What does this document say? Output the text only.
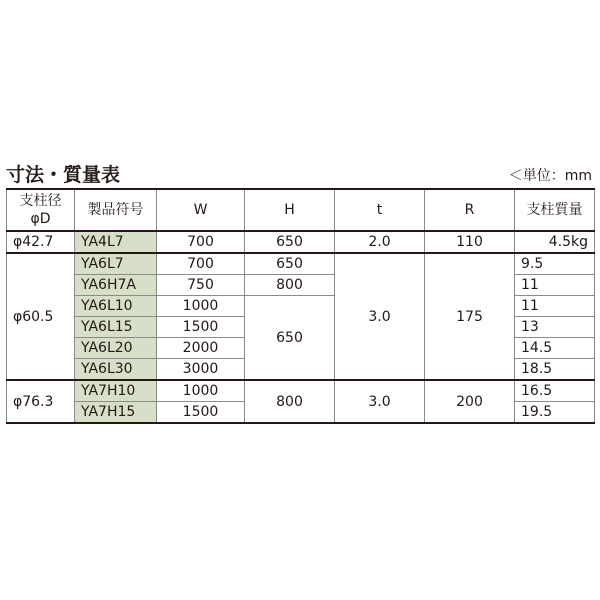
寸法・質量表	＜単位：mm
支柱径
φD	製品符号	W	H	t	R	支柱質量
φ42.7	YA4L7	700	650	2.0	110	4.5kg
φ60.5	YA6L7	700	650	3.0	175	9.5
	YA6H7A	750	800			11
	YA6L10	1000	650			11
	YA6L15	1500				13
	YA6L20	2000				14.5
	YA6L30	3000				18.5
φ76.3	YA7H10	1000	800	3.0	200	16.5
	YA7H15	1500				19.5
